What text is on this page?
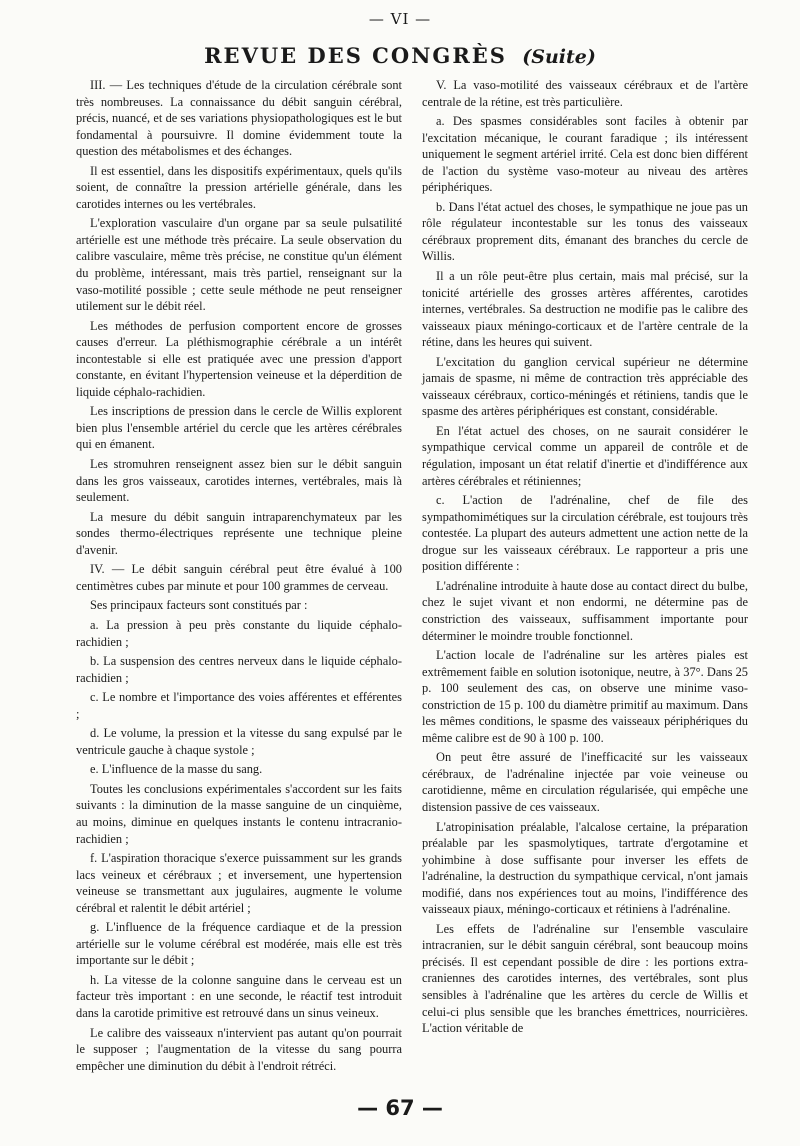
— VI —
REVUE DES CONGRÈS (Suite)

III. — Les techniques d'étude de la circulation cérébrale sont très nombreuses. La connaissance du débit sanguin cérébral, précis, nuancé, et de ses variations physiopathologiques est le but fondamental à poursuivre. Il domine évidemment toute la question des métabolismes et des échanges.

Il est essentiel, dans les dispositifs expérimentaux, quels qu'ils soient, de connaître la pression artérielle générale, dans les carotides internes ou les vertébrales.

L'exploration vasculaire d'un organe par sa seule pulsatilité artérielle est une méthode très précaire. La seule observation du calibre vasculaire, même très précise, ne constitue qu'un élément du problème, intéressant, mais très partiel, renseignant sur la vaso-motilité possible ; cette seule méthode ne peut renseigner utilement sur le débit réel.

Les méthodes de perfusion comportent encore de grosses causes d'erreur. La pléthismographie cérébrale a un intérêt incontestable si elle est pratiquée avec une pression d'apport constante, en évitant l'hypertension veineuse et la déperdition de liquide céphalo-rachidien.

Les inscriptions de pression dans le cercle de Willis explorent bien plus l'ensemble artériel du cercle que les artères cérébrales qui en émanent.

Les stromuhren renseignent assez bien sur le débit sanguin dans les gros vaisseaux, carotides internes, vertébrales, mais là seulement.

La mesure du débit sanguin intraparenchymateux par les sondes thermo-électriques représente une technique pleine d'avenir.

IV. — Le débit sanguin cérébral peut être évalué à 100 centimètres cubes par minute et pour 100 grammes de cerveau.

Ses principaux facteurs sont constitués par :

a. La pression à peu près constante du liquide céphalo-rachidien ;

b. La suspension des centres nerveux dans le liquide céphalo-rachidien ;

c. Le nombre et l'importance des voies afférentes et efférentes ;

d. Le volume, la pression et la vitesse du sang expulsé par le ventricule gauche à chaque systole ;

e. L'influence de la masse du sang.

Toutes les conclusions expérimentales s'accordent sur les faits suivants : la diminution de la masse sanguine de un cinquième, au moins, diminue en quelques instants le contenu intracranio-rachidien ;

f. L'aspiration thoracique s'exerce puissamment sur les grands lacs veineux et cérébraux ; et inversement, une hypertension veineuse se transmettant aux jugulaires, augmente le volume cérébral et ralentit le débit artériel ;

g. L'influence de la fréquence cardiaque et de la pression artérielle sur le volume cérébral est modérée, mais elle est très importante sur le débit ;

h. La vitesse de la colonne sanguine dans le cerveau est un facteur très important : en une seconde, le réactif test introduit dans la carotide primitive est retrouvé dans un sinus veineux.

Le calibre des vaisseaux n'intervient pas autant qu'on pourrait le supposer ; l'augmentation de la vitesse du sang pourra empêcher une diminution du débit à l'endroit rétréci.

V. La vaso-motilité des vaisseaux cérébraux et de l'artère centrale de la rétine, est très particulière.

a. Des spasmes considérables sont faciles à obtenir par l'excitation mécanique, le courant faradique ; ils intéressent uniquement le segment artériel irrité. Cela est donc bien différent de l'action du système vaso-moteur au niveau des artères périphériques.

b. Dans l'état actuel des choses, le sympathique ne joue pas un rôle régulateur incontestable sur les tonus des vaisseaux cérébraux proprement dits, émanant des branches du cercle de Willis.

Il a un rôle peut-être plus certain, mais mal précisé, sur la tonicité artérielle des grosses artères afférentes, carotides internes, vertébrales. Sa destruction ne modifie pas le calibre des vaisseaux piaux méningo-corticaux et de l'artère centrale de la rétine, dans les heures qui suivent.

L'excitation du ganglion cervical supérieur ne détermine jamais de spasme, ni même de contraction très appréciable des vaisseaux cérébraux, cortico-méningés et rétiniens, tandis que le spasme des artères périphériques est constant, considérable.

En l'état actuel des choses, on ne saurait considérer le sympathique cervical comme un appareil de contrôle et de régulation, imposant un état relatif d'inertie et d'indifférence aux artères cérébrales et rétiniennes;

c. L'action de l'adrénaline, chef de file des sympathomimétiques sur la circulation cérébrale, est toujours très contestée. La plupart des auteurs admettent une action nette de la drogue sur les vaisseaux cérébraux. Le rapporteur a pris une position différente :

L'adrénaline introduite à haute dose au contact direct du bulbe, chez le sujet vivant et non endormi, ne détermine pas de constriction des vaisseaux, suffisamment importante pour déterminer le moindre trouble fonctionnel.

L'action locale de l'adrénaline sur les artères piales est extrêmement faible en solution isotonique, neutre, à 37°. Dans 25 p. 100 seulement des cas, on observe une minime vaso-constriction de 15 p. 100 du diamètre primitif au maximum. Dans les mêmes conditions, le spasme des vaisseaux périphériques du même calibre est de 90 à 100 p. 100.

On peut être assuré de l'inefficacité sur les vaisseaux cérébraux, de l'adrénaline injectée par voie veineuse ou carotidienne, même en circulation régularisée, qui empêche une distension passive de ces vaisseaux.

L'atropinisation préalable, l'alcalose certaine, la préparation préalable par les spasmolytiques, tartrate d'ergotamine et yohimbine à dose suffisante pour inverser les effets de l'adrénaline, la destruction du sympathique cervical, n'ont jamais modifié, dans nos expériences tout au moins, l'indifférence des vaisseaux piaux, méningo-corticaux et rétiniens à l'adrénaline.

Les effets de l'adrénaline sur l'ensemble vasculaire intracranien, sur le débit sanguin cérébral, sont beaucoup moins précisés. Il est cependant possible de dire : les portions extra-craniennes des carotides internes, des vertébrales, sont plus sensibles à l'adrénaline que les artères du cercle de Willis et celui-ci plus sensible que les branches émettrices, nourricières. L'action véritable de

— 67 —
